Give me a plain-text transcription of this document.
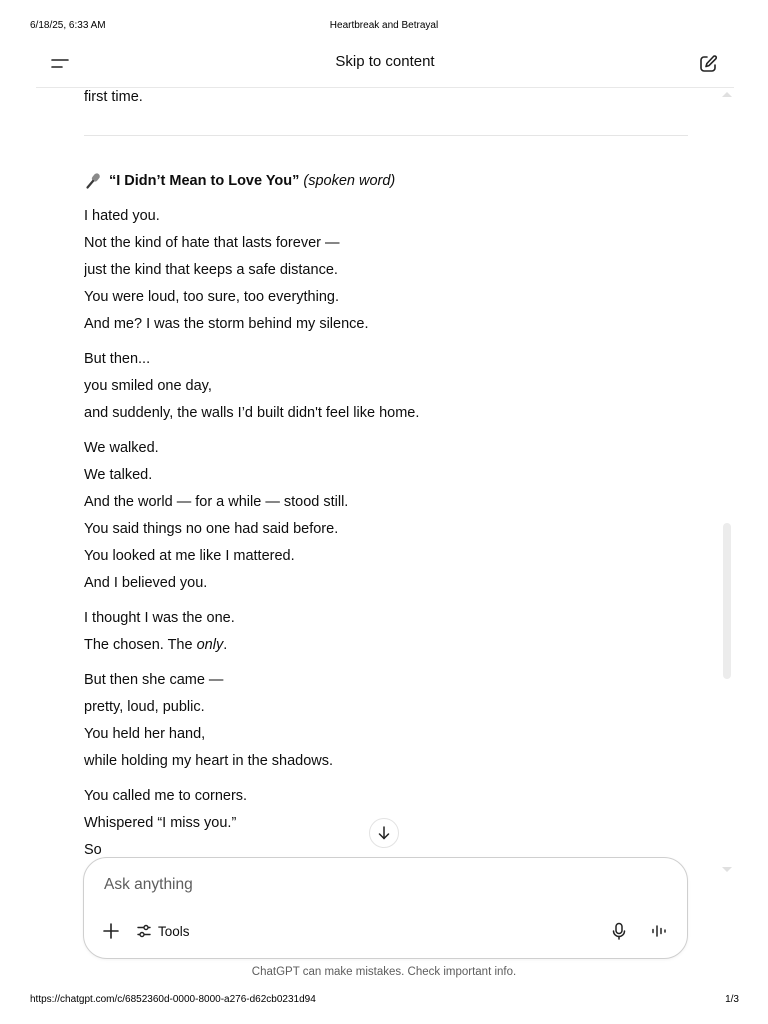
6/18/25, 6:33 AM	Heartbreak and Betrayal
Skip to content

first time.

“I Didn’t Mean to Love You” (spoken word)

I hated you.

Not the kind of hate that lasts forever —

just the kind that keeps a safe distance.

You were loud, too sure, too everything.

And me? I was the storm behind my silence.

But then...

you smiled one day,

and suddenly, the walls I’d built didn't feel like home.

We walked.

We talked.

And the world — for a while — stood still.

You said things no one had said before.

You looked at me like I mattered.

And I believed you.

I thought I was the one.

The chosen. The only.

But then she came —

pretty, loud, public.

You held her hand,

while holding my heart in the shadows.

You called me to corners.

Whispered “I miss you.”

So

Ask anything
Tools
ChatGPT can make mistakes. Check important info.
https://chatgpt.com/c/6852360d-0000-8000-a276-d62cb0231d94	1/3
